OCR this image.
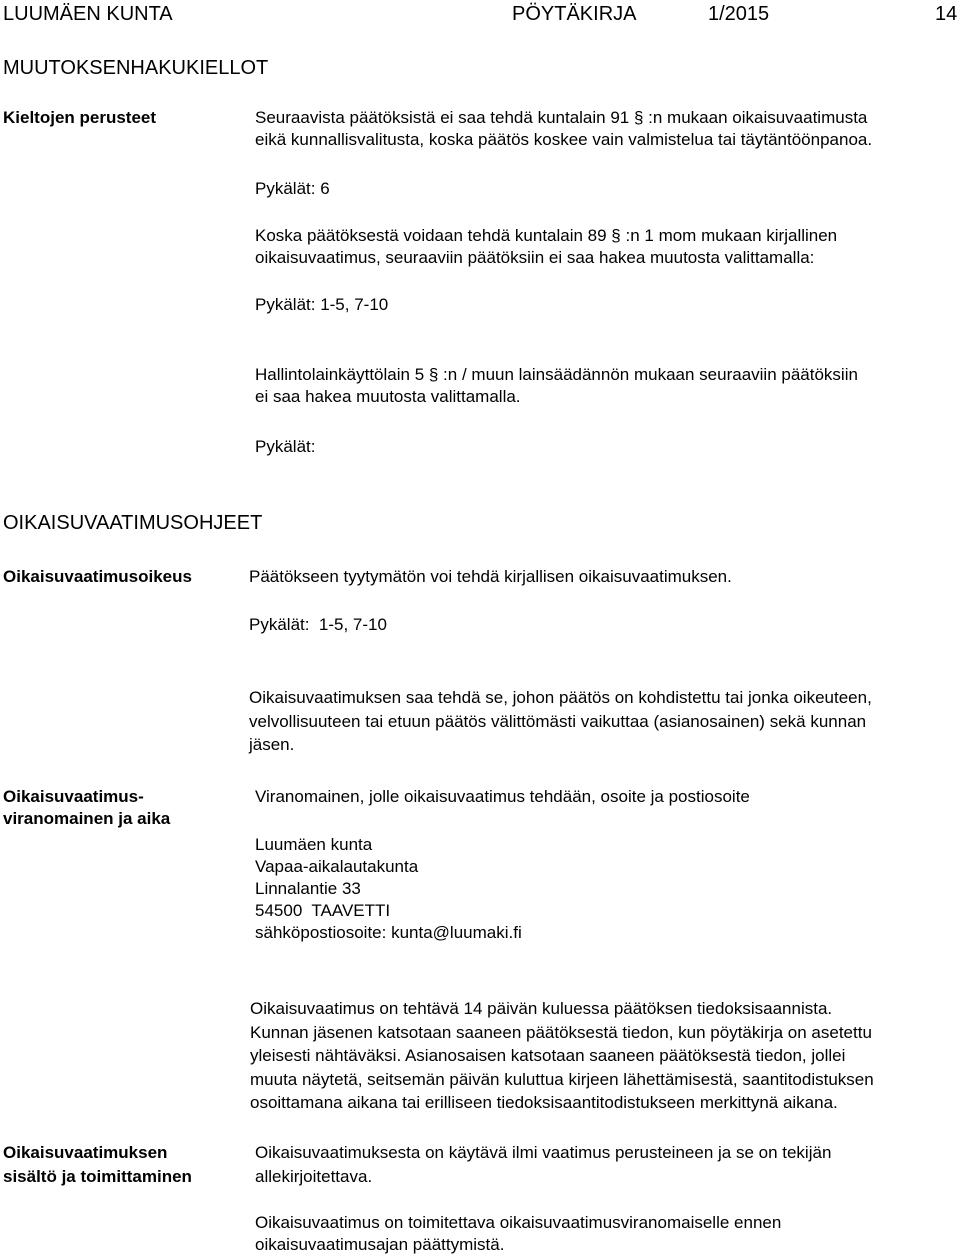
LUUMÄEN KUNTA	PÖYTÄKIRJA	1/2015	14
MUUTOKSENHAKUKIELLOT
Kieltojen perusteet	Seuraavista päätöksistä ei saa tehdä kuntalain 91 § :n mukaan oikaisuvaatimusta
eikä kunnallisvalitusta, koska päätös koskee vain valmistelua tai täytäntöönpanoa.
Pykälät: 6
Koska päätöksestä voidaan tehdä kuntalain 89 § :n 1 mom mukaan kirjallinen
oikaisuvaatimus, seuraaviin päätöksiin ei saa hakea muutosta valittamalla:
Pykälät: 1-5, 7-10
Hallintolainkäyttölain 5 § :n / muun lainsäädännön mukaan seuraaviin päätöksiin
ei saa hakea muutosta valittamalla.
Pykälät:
OIKAISUVAATIMUSOHJEET
Oikaisuvaatimusoikeus	Päätökseen tyytymätön voi tehdä kirjallisen oikaisuvaatimuksen.
Pykälät:  1-5, 7-10
Oikaisuvaatimuksen saa tehdä se, johon päätös on kohdistettu tai jonka oikeuteen,
velvollisuuteen tai etuun päätös välittömästi vaikuttaa (asianosainen) sekä kunnan
jäsen.
Oikaisuvaatimus-
viranomainen ja aika
Viranomainen, jolle oikaisuvaatimus tehdään, osoite ja postiosoite
Luumäen kunta
Vapaa-aikalautakunta
Linnalantie 33
54500  TAAVETTI
sähköpostiosoite: kunta@luumaki.fi
Oikaisuvaatimus on tehtävä 14 päivän kuluessa päätöksen tiedoksisaannista.
Kunnan jäsenen katsotaan saaneen päätöksestä tiedon, kun pöytäkirja on asetettu
yleisesti nähtäväksi. Asianosaisen katsotaan saaneen päätöksestä tiedon, jollei
muuta näytetä, seitsemän päivän kuluttua kirjeen lähettämisestä, saantitodistuksen
osoittamana aikana tai erilliseen tiedoksisaantitodistukseen merkittynä aikana.
Oikaisuvaatimuksen
sisältö ja toimittaminen
Oikaisuvaatimuksesta on käytävä ilmi vaatimus perusteineen ja se on tekijän
allekirjoitettava.
Oikaisuvaatimus on toimitettava oikaisuvaatimusviranomaiselle ennen
oikaisuvaatimusajan päättymistä.
